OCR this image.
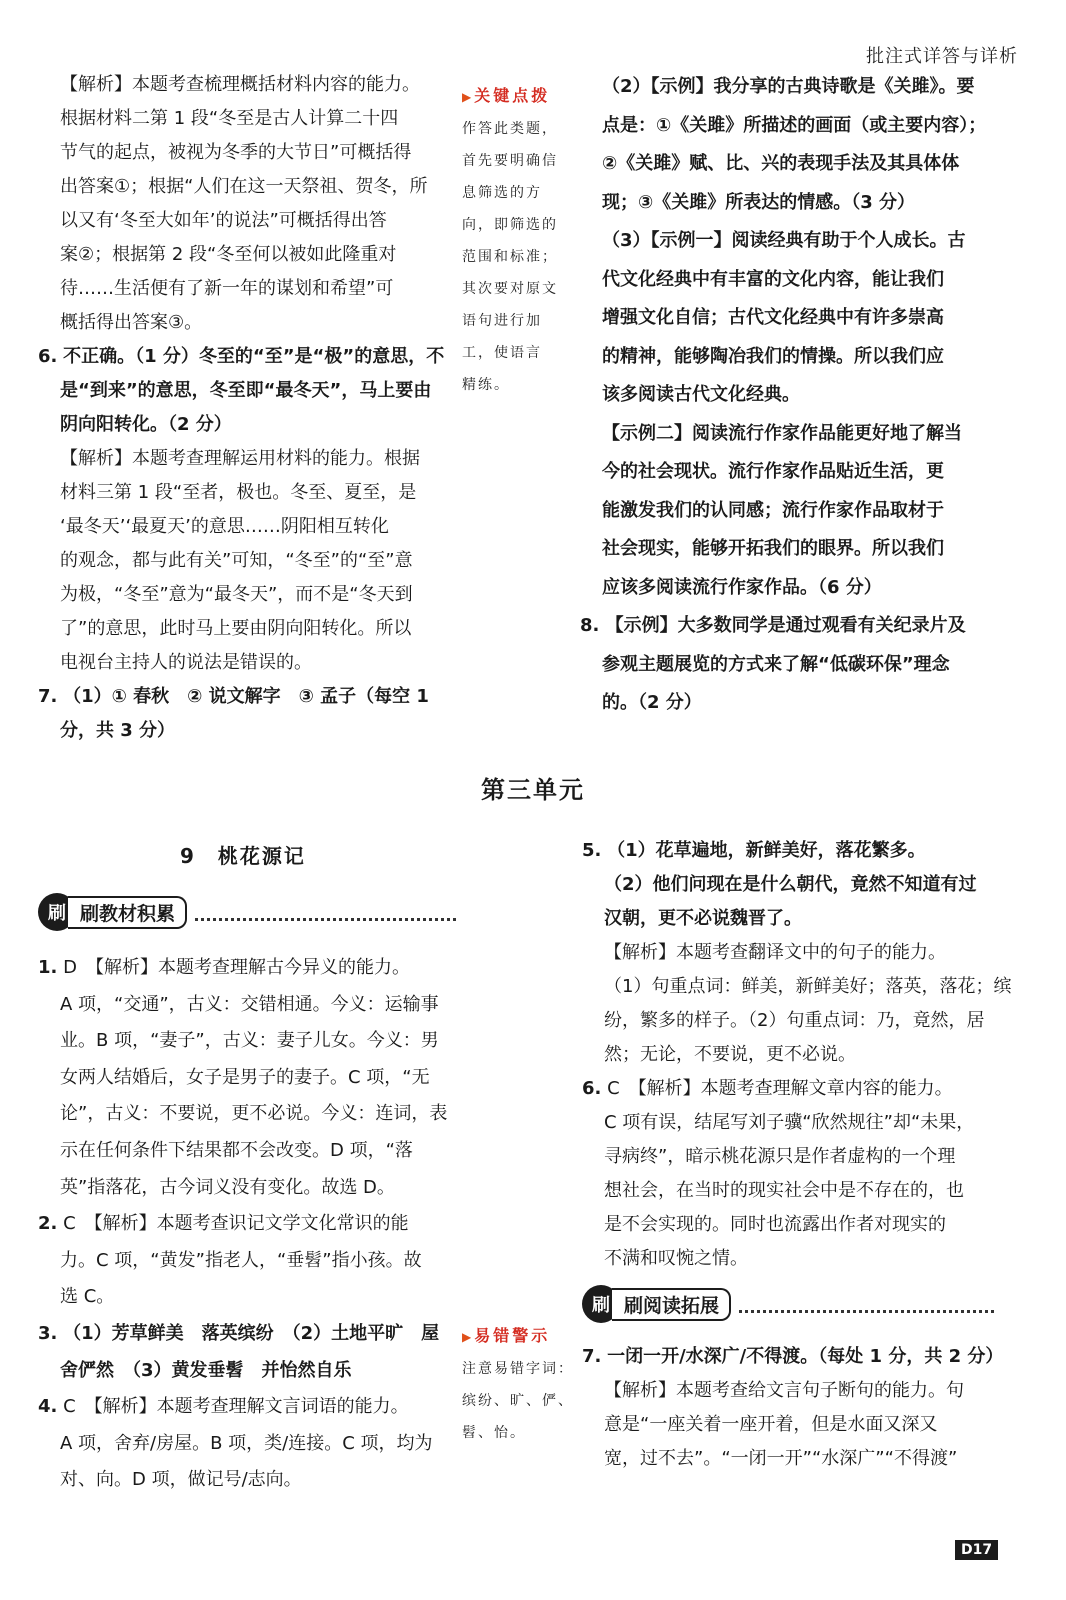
批注式详答与详析

【解析】本题考查梳理概括材料内容的能力。

根据材料二第 1 段“冬至是古人计算二十四

节气的起点，被视为冬季的大节日”可概括得

出答案①；根据“人们在这一天祭祖、贺冬，所

以又有‘冬至大如年’的说法”可概括得出答

案②；根据第 2 段“冬至何以被如此隆重对

待……生活便有了新一年的谋划和希望”可

概括得出答案③。

6. 不正确。（1 分）冬至的“至”是“极”的意思，不

是“到来”的意思，冬至即“最冬天”，马上要由

阴向阳转化。（2 分）

【解析】本题考查理解运用材料的能力。根据

材料三第 1 段“至者，极也。冬至、夏至，是

‘最冬天’‘最夏天’的意思……阴阳相互转化

的观念，都与此有关”可知，“冬至”的“至”意

为极，“冬至”意为“最冬天”，而不是“冬天到

了”的意思，此时马上要由阴向阳转化。所以

电视台主持人的说法是错误的。

7. （1）① 春秋　② 说文解字　③ 孟子（每空 1

分，共 3 分）

▶关键点拨
作答此类题，
首先要明确信
息筛选的方
向，即筛选的
范围和标准；
其次要对原文
语句进行加
工，使语言
精练。

（2）【示例】我分享的古典诗歌是《关雎》。要

点是：①《关雎》所描述的画面（或主要内容）；

②《关雎》赋、比、兴的表现手法及其具体体

现；③《关雎》所表达的情感。（3 分）

（3）【示例一】阅读经典有助于个人成长。古

代文化经典中有丰富的文化内容，能让我们

增强文化自信；古代文化经典中有许多崇高

的精神，能够陶冶我们的情操。所以我们应

该多阅读古代文化经典。

【示例二】阅读流行作家作品能更好地了解当

今的社会现状。流行作家作品贴近生活，更

能激发我们的认同感；流行作家作品取材于

社会现实，能够开拓我们的眼界。所以我们

应该多阅读流行作家作品。（6 分）

8. 【示例】大多数同学是通过观看有关纪录片及

参观主题展览的方式来了解“低碳环保”理念

的。（2 分）

第三单元
9　桃花源记
刷 刷教材积累

1. D　【解析】本题考查理解古今异义的能力。

A 项，“交通”，古义：交错相通。今义：运输事

业。B 项，“妻子”，古义：妻子儿女。今义：男

女两人结婚后，女子是男子的妻子。C 项，“无

论”，古义：不要说，更不必说。今义：连词，表

示在任何条件下结果都不会改变。D 项，“落

英”指落花，古今词义没有变化。故选 D。

2. C　【解析】本题考查识记文学文化常识的能

力。C 项，“黄发”指老人，“垂髫”指小孩。故

选 C。

3. （1）芳草鲜美　落英缤纷　（2）土地平旷　屋

舍俨然　（3）黄发垂髫　并怡然自乐

4. C　【解析】本题考查理解文言词语的能力。

A 项，舍弃/房屋。B 项，类/连接。C 项，均为

对、向。D 项，做记号/志向。

▶易错警示
注意易错字词：
缤纷、旷、俨、
髫、怡。

5. （1）花草遍地，新鲜美好，落花繁多。

（2）他们问现在是什么朝代，竟然不知道有过

汉朝，更不必说魏晋了。

【解析】本题考查翻译文中的句子的能力。

（1）句重点词：鲜美，新鲜美好；落英，落花；缤

纷，繁多的样子。（2）句重点词：乃，竟然，居

然；无论，不要说，更不必说。

6. C　【解析】本题考查理解文章内容的能力。

C 项有误，结尾写刘子骥“欣然规往”却“未果，

寻病终”，暗示桃花源只是作者虚构的一个理

想社会，在当时的现实社会中是不存在的，也

是不会实现的。同时也流露出作者对现实的

不满和叹惋之情。

刷 刷阅读拓展

7. 一闭一开/水深广/不得渡。（每处 1 分，共 2 分）

【解析】本题考查给文言句子断句的能力。句

意是“一座关着一座开着，但是水面又深又

宽，过不去”。“一闭一开”“水深广”“不得渡”

D17
